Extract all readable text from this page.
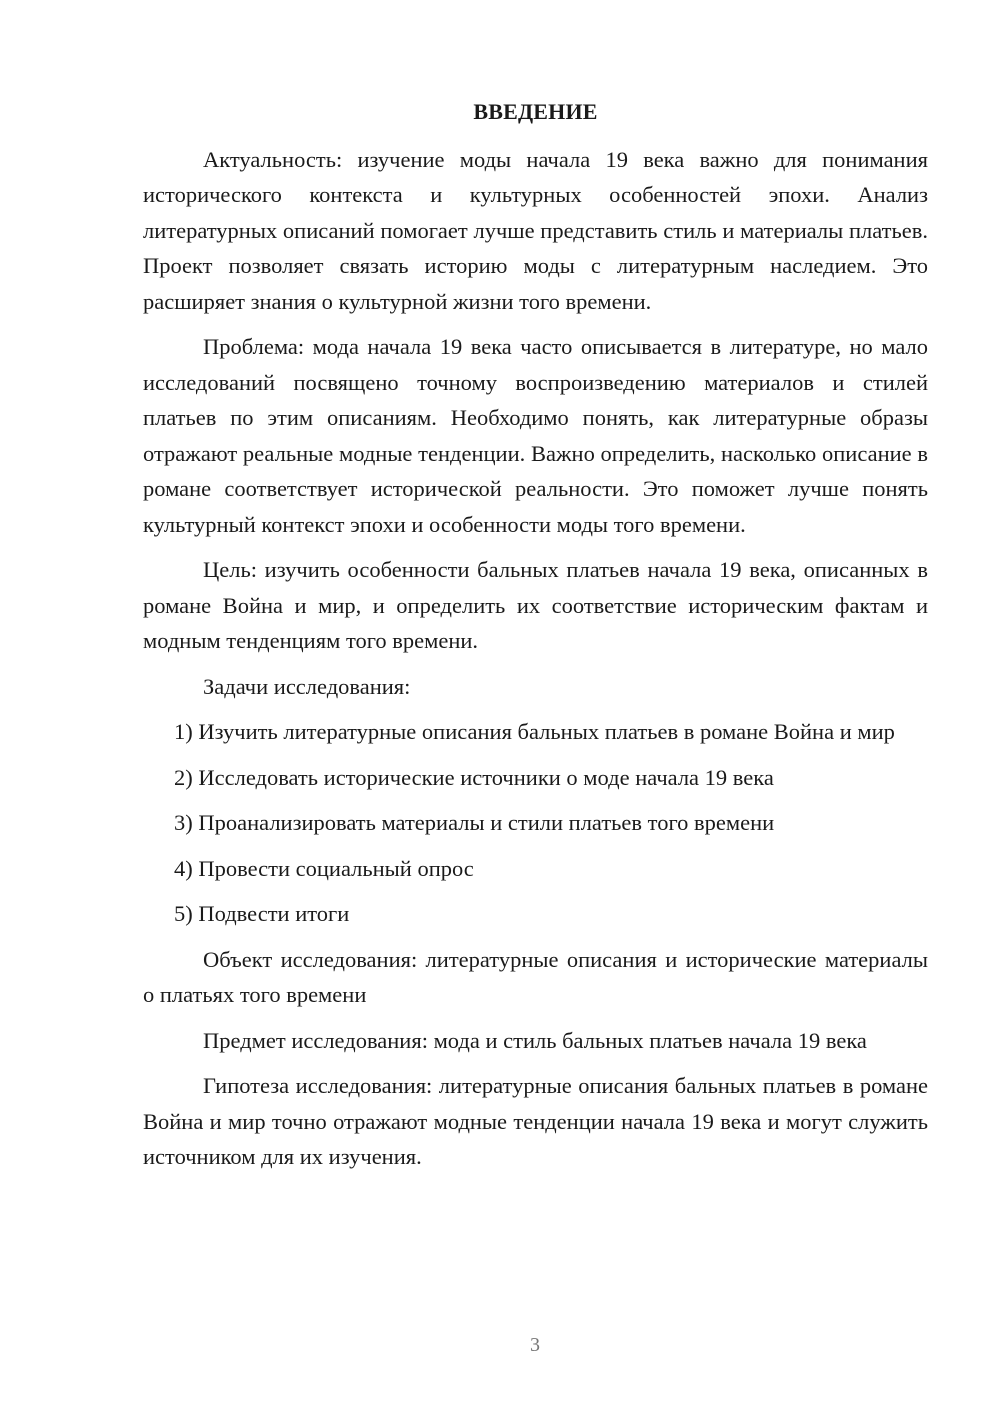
ВВЕДЕНИЕ

Актуальность: изучение моды начала 19 века важно для понимания исторического контекста и культурных особенностей эпохи. Анализ литературных описаний помогает лучше представить стиль и материалы платьев. Проект позволяет связать историю моды с литературным наследием. Это расширяет знания о культурной жизни того времени.

Проблема: мода начала 19 века часто описывается в литературе, но мало исследований посвящено точному воспроизведению материалов и стилей платьев по этим описаниям. Необходимо понять, как литературные образы отражают реальные модные тенденции. Важно определить, насколько описание в романе соответствует исторической реальности. Это поможет лучше понять культурный контекст эпохи и особенности моды того времени.

Цель: изучить особенности бальных платьев начала 19 века, описанных в романе Война и мир, и определить их соответствие историческим фактам и модным тенденциям того времени.

Задачи исследования:

1) Изучить литературные описания бальных платьев в романе Война и мир

2) Исследовать исторические источники о моде начала 19 века

3) Проанализировать материалы и стили платьев того времени

4) Провести социальный опрос

5) Подвести итоги

Объект исследования: литературные описания и исторические материалы о платьях того времени

Предмет исследования: мода и стиль бальных платьев начала 19 века

Гипотеза исследования: литературные описания бальных платьев в романе Война и мир точно отражают модные тенденции начала 19 века и могут служить источником для их изучения.

3
